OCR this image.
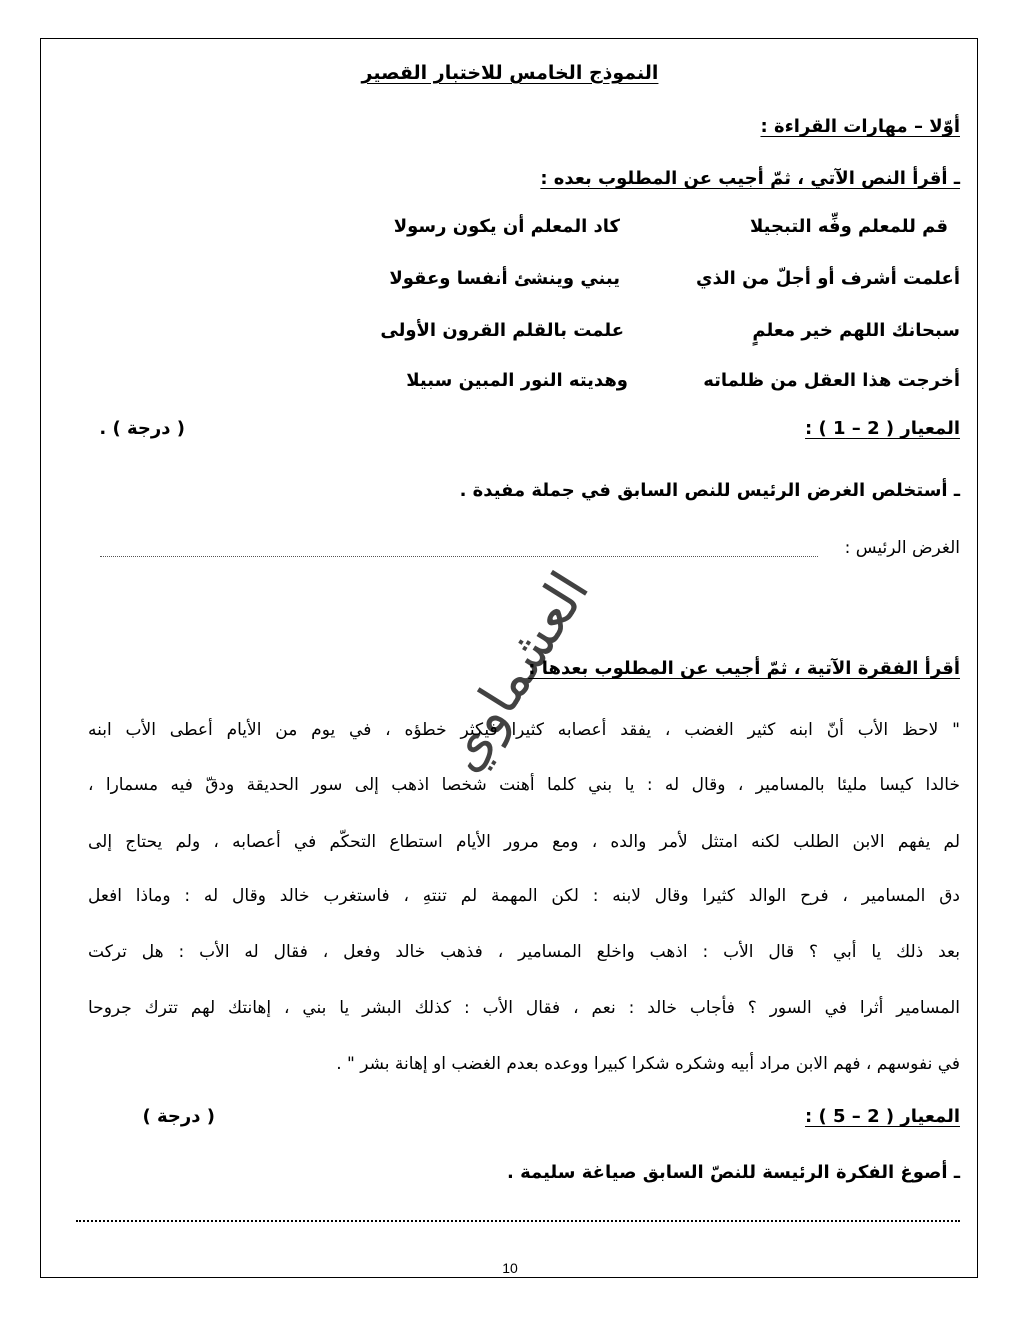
النموذج الخامس للاختبار القصير
أوّلا – مهارات القراءة :
ـ أقرأ النص الآتي ، ثمّ أجيب عن المطلوب بعده :
قم للمعلم وفِّه التبجيلا
كاد المعلم أن يكون رسولا
أعلمت أشرف أو أجلّ من الذي
يبني وينشئ أنفسا وعقولا
سبحانك اللهم خير معلمٍ
علمت بالقلم القرون الأولى
أخرجت هذا العقل من ظلماته
وهديته النور المبين سبيلا
المعيار ( 2 – 1 ) :
( درجة ) .
ـ أستخلص الغرض الرئيس للنص السابق في جملة مفيدة .
الغرض الرئيس :
العشماوي
أقرأ الفقرة الآتية ، ثمّ أجيب عن المطلوب بعدها :
" لاحظ الأب أنّ ابنه كثير الغضب ، يفقد أعصابه كثيرا فيكثر خطؤه ، في يوم من الأيام أعطى الأب ابنه
خالدا كيسا مليئا بالمسامير ، وقال له : يا بني كلما أهنت شخصا اذهب إلى سور الحديقة ودقّ فيه مسمارا ،
لم يفهم الابن الطلب لكنه امتثل لأمر والده ، ومع مرور الأيام استطاع التحكّم في أعصابه ، ولم يحتاج إلى
دق المسامير ، فرح الوالد كثيرا وقال لابنه : لكن المهمة لم تنتهِ ، فاستغرب خالد وقال له : وماذا افعل
بعد ذلك يا أبي ؟ قال الأب : اذهب واخلع المسامير ، فذهب خالد وفعل ، فقال له الأب : هل تركت
المسامير أثرا في السور ؟ فأجاب خالد : نعم ، فقال الأب : كذلك البشر يا بني ، إهانتك لهم تترك جروحا
في نفوسهم ، فهم الابن مراد أبيه وشكره شكرا كبيرا ووعده بعدم الغضب او إهانة بشر " .
المعيار ( 2 – 5 ) :
( درجة )
ـ أصوغ الفكرة الرئيسة للنصّ السابق صياغة سليمة .
10
